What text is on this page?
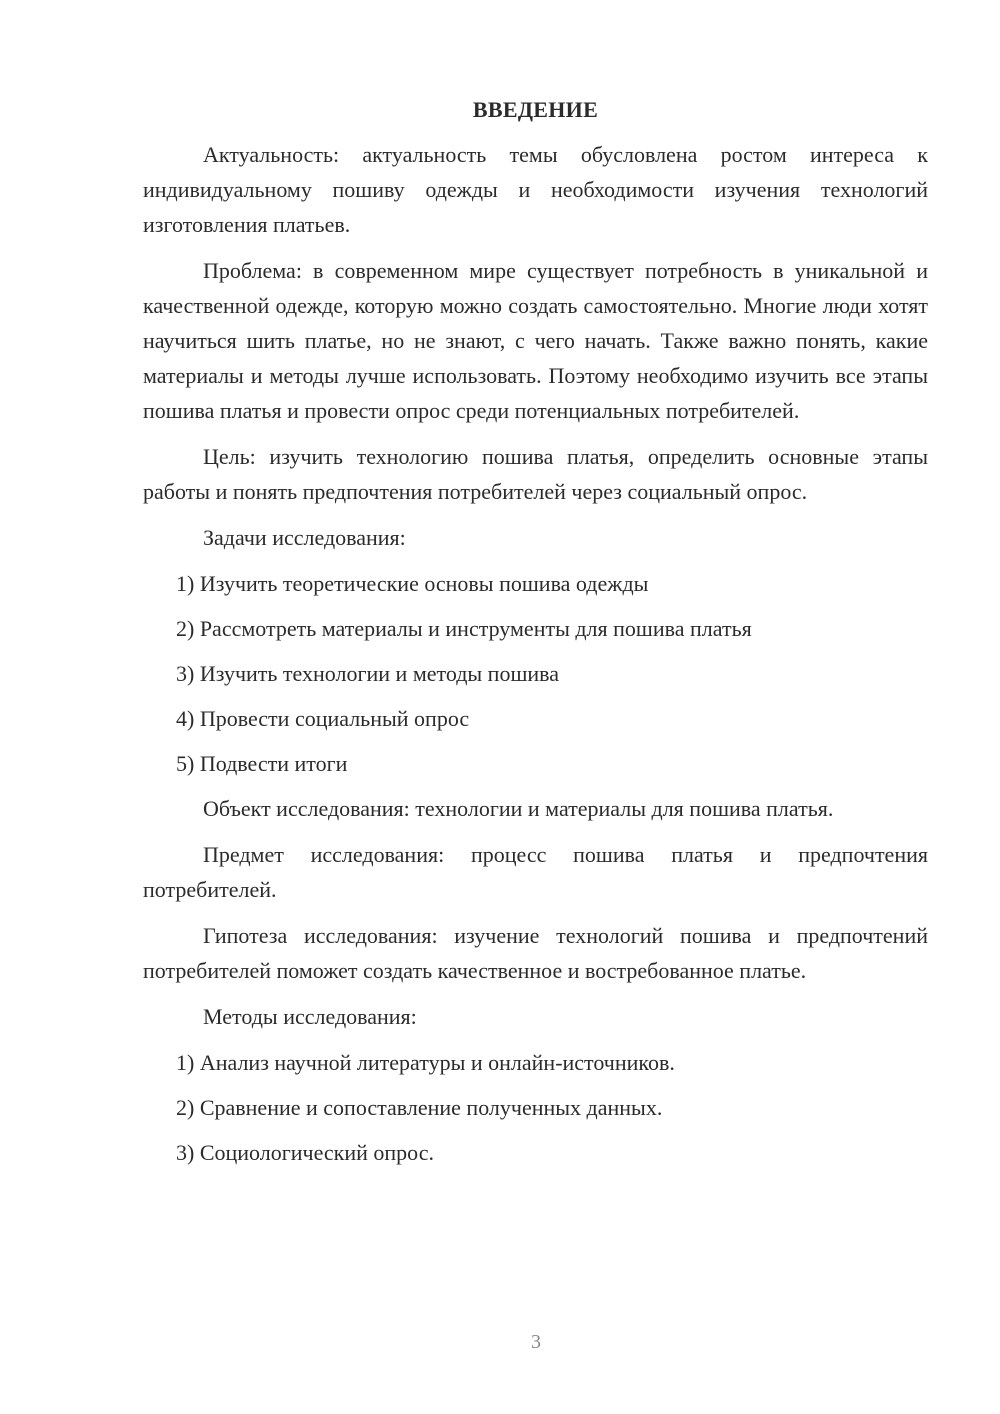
ВВЕДЕНИЕ

Актуальность: актуальность темы обусловлена ростом интереса к индивидуальному пошиву одежды и необходимости изучения технологий изготовления платьев.

Проблема: в современном мире существует потребность в уникальной и качественной одежде, которую можно создать самостоятельно. Многие люди хотят научиться шить платье, но не знают, с чего начать. Также важно понять, какие материалы и методы лучше использовать. Поэтому необходимо изучить все этапы пошива платья и провести опрос среди потенциальных потребителей.

Цель: изучить технологию пошива платья, определить основные этапы работы и понять предпочтения потребителей через социальный опрос.

Задачи исследования:

1) Изучить теоретические основы пошива одежды
2) Рассмотреть материалы и инструменты для пошива платья
3) Изучить технологии и методы пошива
4) Провести социальный опрос
5) Подвести итоги

Объект исследования: технологии и материалы для пошива платья.

Предмет исследования: процесс пошива платья и предпочтения потребителей.

Гипотеза исследования: изучение технологий пошива и предпочтений потребителей поможет создать качественное и востребованное платье.

Методы исследования:

1) Анализ научной литературы и онлайн-источников.
2) Сравнение и сопоставление полученных данных.
3) Социологический опрос.
3
